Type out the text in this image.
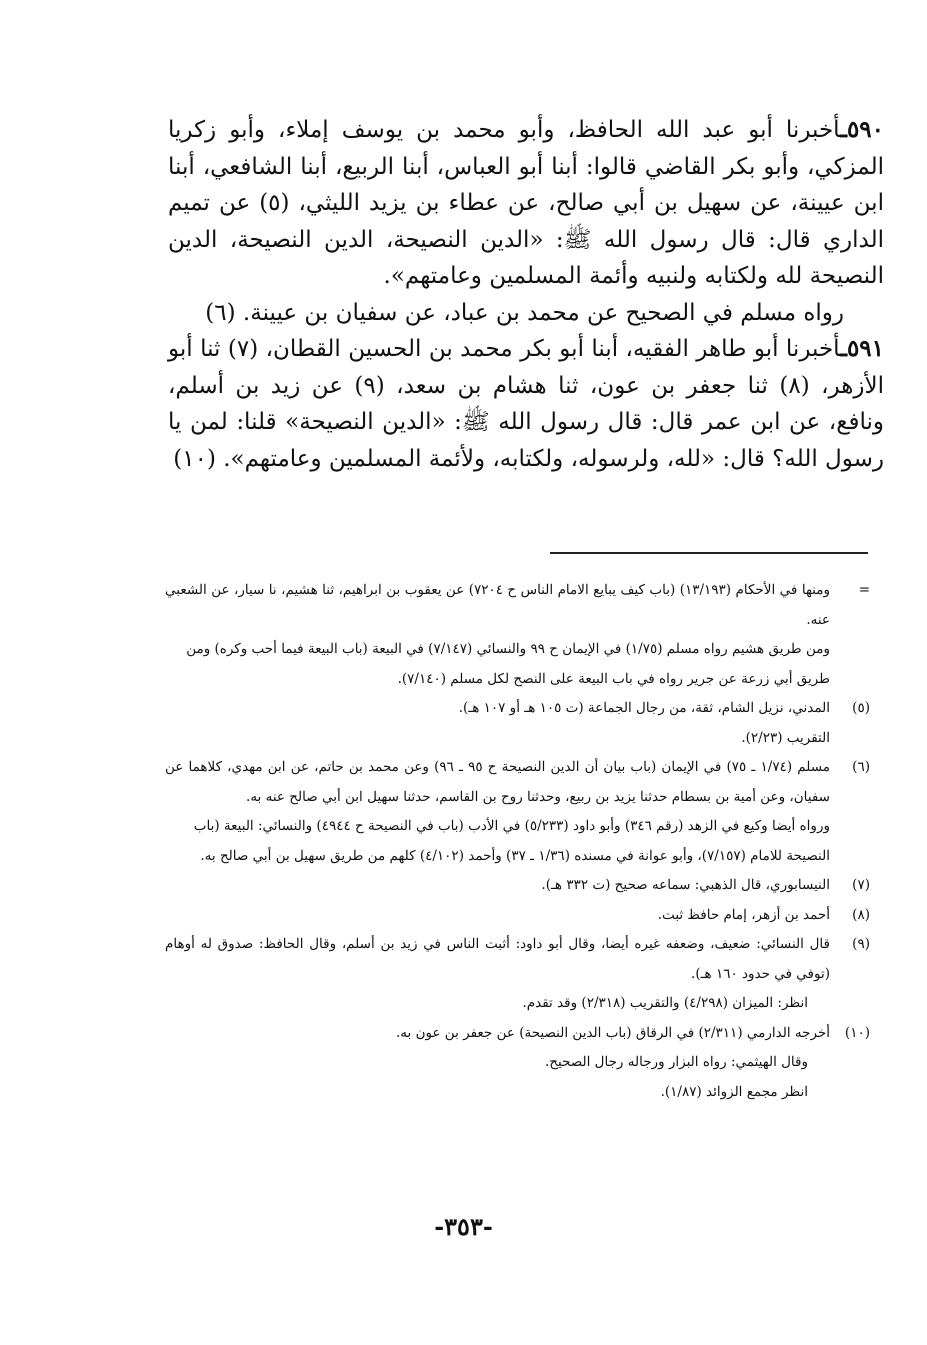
٥٩٠ـأخبرنا أبو عبد الله الحافظ، وأبو محمد بن يوسف إملاء، وأبو زكريا المزكي، وأبو بكر القاضي قالوا: أبنا أبو العباس، أبنا الربيع، أبنا الشافعي، أبنا ابن عيينة، عن سهيل بن أبي صالح، عن عطاء بن يزيد الليثي، (٥) عن تميم الداري قال: قال رسول الله ﷺ: «الدين النصيحة، الدين النصيحة، الدين النصيحة لله ولكتابه ولنبيه وأئمة المسلمين وعامتهم».

رواه مسلم في الصحيح عن محمد بن عباد، عن سفيان بن عيينة. (٦)

٥٩١ـأخبرنا أبو طاهر الفقيه، أبنا أبو بكر محمد بن الحسين القطان، (٧) ثنا أبو الأزهر، (٨) ثنا جعفر بن عون، ثنا هشام بن سعد، (٩) عن زيد بن أسلم، ونافع، عن ابن عمر قال: قال رسول الله ﷺ: «الدين النصيحة» قلنا: لمن يا رسول الله؟ قال: «لله، ولرسوله، ولكتابه، ولأئمة المسلمين وعامتهم». (١٠)

=
ومنها في الأحكام (١٣/١٩٣) (باب كيف يبايع الامام الناس ح ٧٢٠٤) عن يعقوب بن ابراهيم، ثنا هشيم، نا سيار، عن الشعبي عنه.
ومن طريق هشيم رواه مسلم (١/٧٥) في الإيمان ح ٩٩ والنسائي (٧/١٤٧) في البيعة (باب البيعة فيما أحب وكره) ومن طريق أبي زرعة عن جرير رواه في باب البيعة على النصح لكل مسلم (٧/١٤٠).
(٥)
المدني، نزيل الشام، ثقة، من رجال الجماعة (ت ١٠٥ هـ أو ١٠٧ هـ).
التقريب (٢/٢٣).
(٦)
مسلم (١/٧٤ ـ ٧٥) في الإيمان (باب بيان أن الدين النصيحة ح ٩٥ ـ ٩٦) وعن محمد بن حاتم، عن ابن مهدي، كلاهما عن سفيان، وعن أمية بن بسطام حدثنا يزيد بن ربيع، وحدثنا روح بن القاسم، حدثنا سهيل ابن أبي صالح عنه به.
ورواه أيضا وكيع في الزهد (رقم ٣٤٦) وأبو داود (٥/٢٣٣) في الأدب (باب في النصيحة ح ٤٩٤٤) والنسائي: البيعة (باب النصيحة للامام (٧/١٥٧)، وأبو عوانة في مسنده (١/٣٦ ـ ٣٧) وأحمد (٤/١٠٢) كلهم من طريق سهيل بن أبي صالح به.
(٧)
النيسابوري، قال الذهبي: سماعه صحيح (ت ٣٣٢ هـ).
(٨)
أحمد بن أزهر، إمام حافظ ثبت.
(٩)
قال النسائي: ضعيف، وضعفه غيره أيضا، وقال أبو داود: أثبت الناس في زيد بن أسلم، وقال الحافظ: صدوق له أوهام (توفي في حدود ١٦٠ هـ).
انظر: الميزان (٤/٢٩٨) والتقريب (٢/٣١٨) وقد تقدم.
(١٠)
أخرجه الدارمي (٢/٣١١) في الرقاق (باب الدين النصيحة) عن جعفر بن عون به.
وقال الهيثمي: رواه البزار ورجاله رجال الصحيح.
انظر مجمع الزوائد (١/٨٧).
-٣٥٣-
